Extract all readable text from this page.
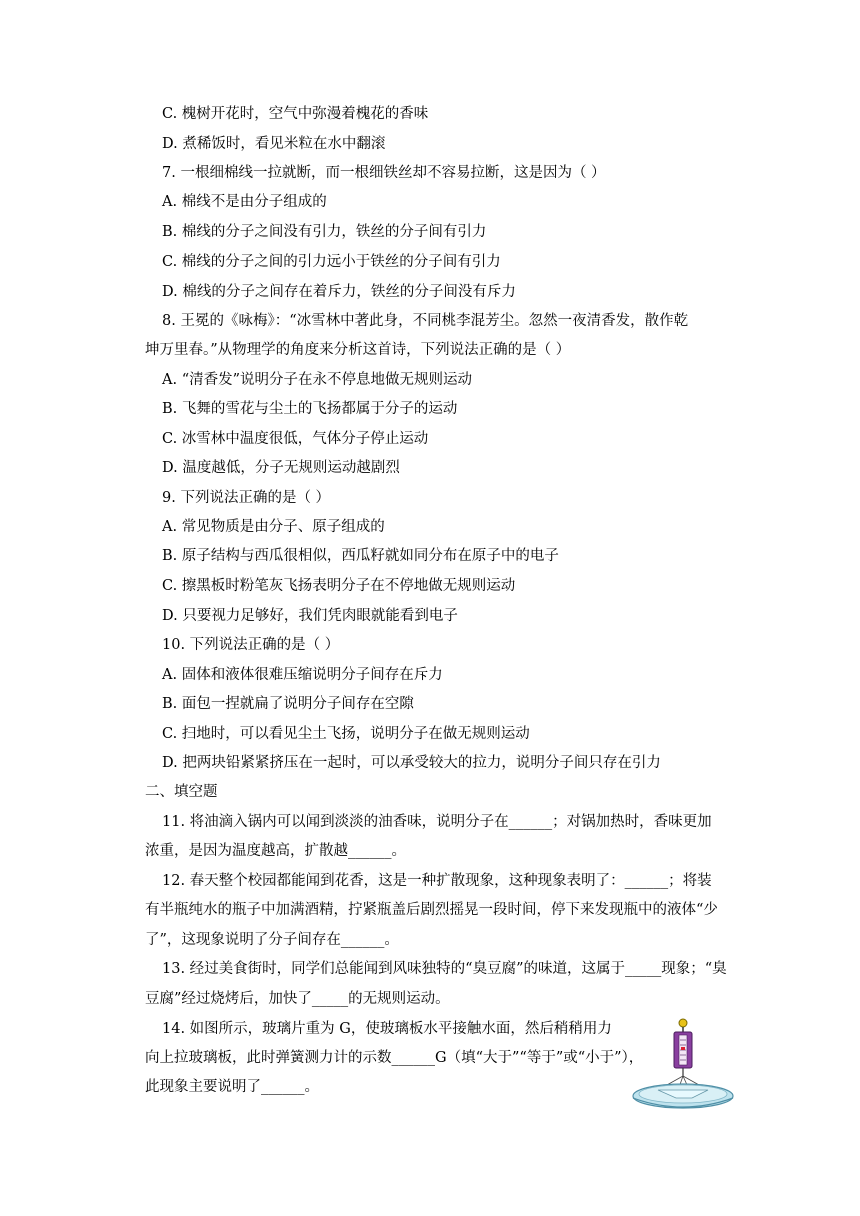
C. 槐树开花时，空气中弥漫着槐花的香味
D. 煮稀饭时，看见米粒在水中翻滚
7. 一根细棉线一拉就断，而一根细铁丝却不容易拉断，这是因为（ ）
A. 棉线不是由分子组成的
B. 棉线的分子之间没有引力，铁丝的分子间有引力
C. 棉线的分子之间的引力远小于铁丝的分子间有引力
D. 棉线的分子之间存在着斥力，铁丝的分子间没有斥力
8. 王冕的《咏梅》：“冰雪林中著此身，不同桃李混芳尘。忽然一夜清香发，散作乾
坤万里春。”从物理学的角度来分析这首诗，下列说法正确的是（ ）
A. “清香发”说明分子在永不停息地做无规则运动
B. 飞舞的雪花与尘土的飞扬都属于分子的运动
C. 冰雪林中温度很低，气体分子停止运动
D. 温度越低，分子无规则运动越剧烈
9. 下列说法正确的是（ ）
A. 常见物质是由分子、原子组成的
B. 原子结构与西瓜很相似，西瓜籽就如同分布在原子中的电子
C. 擦黑板时粉笔灰飞扬表明分子在不停地做无规则运动
D. 只要视力足够好，我们凭肉眼就能看到电子
10. 下列说法正确的是（ ）
A. 固体和液体很难压缩说明分子间存在斥力
B. 面包一捏就扁了说明分子间存在空隙
C. 扫地时，可以看见尘土飞扬，说明分子在做无规则运动
D. 把两块铅紧紧挤压在一起时，可以承受较大的拉力，说明分子间只存在引力
二、填空题
11. 将油滴入锅内可以闻到淡淡的油香味，说明分子在______；对锅加热时，香味更加
浓重，是因为温度越高，扩散越______。
12. 春天整个校园都能闻到花香，这是一种扩散现象，这种现象表明了：______；将装
有半瓶纯水的瓶子中加满酒精，拧紧瓶盖后剧烈摇晃一段时间，停下来发现瓶中的液体“少
了”，这现象说明了分子间存在______。
13. 经过美食街时，同学们总能闻到风味独特的“臭豆腐”的味道，这属于_____现象；“臭
豆腐”经过烧烤后，加快了_____的无规则运动。
14. 如图所示，玻璃片重为 G，使玻璃板水平接触水面，然后稍稍用力
向上拉玻璃板，此时弹簧测力计的示数______G（填“大于”“等于”或“小于”），
此现象主要说明了______。
